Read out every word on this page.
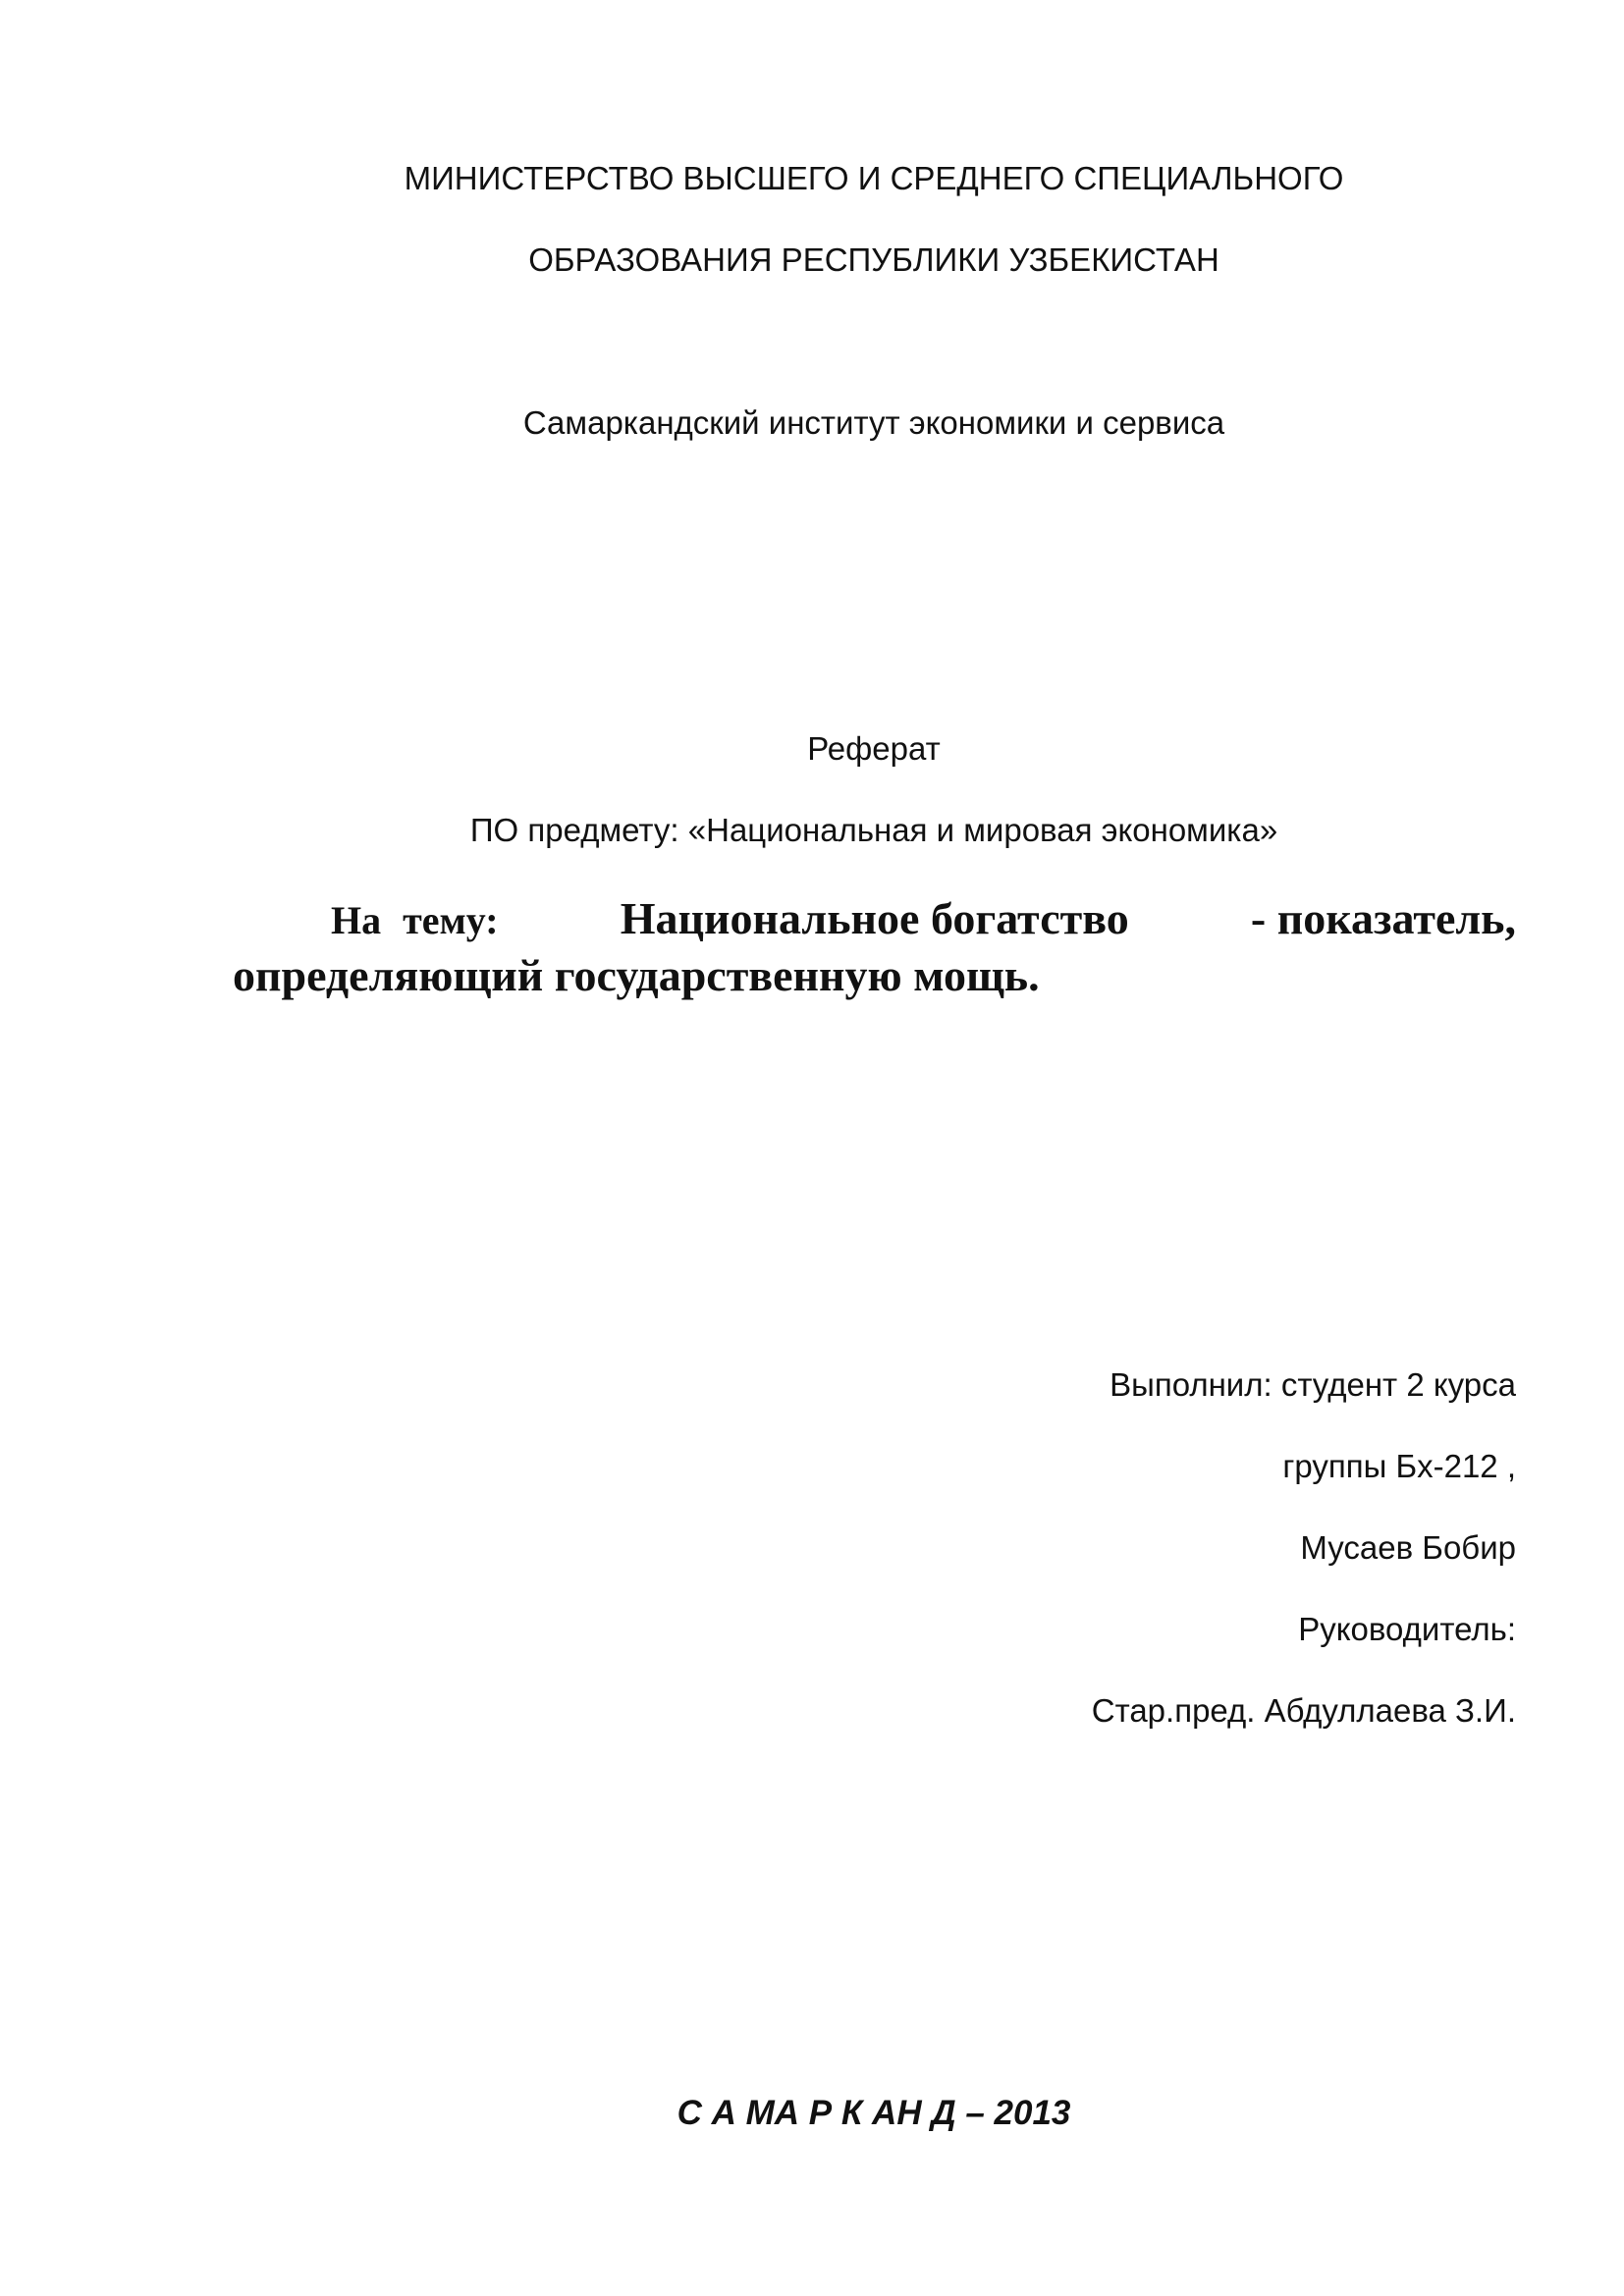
МИНИСТЕРСТВО ВЫСШЕГО И СРЕДНЕГО СПЕЦИАЛЬНОГО
ОБРАЗОВАНИЯ РЕСПУБЛИКИ УЗБЕКИСТАН
Самаркандский институт экономики и сервиса
Реферат
ПО предмету: «Национальная и мировая экономика»
На тему:	Национальное богатство	- показатель,
определяющий государственную мощь.
Выполнил: студент 2 курса
группы Бх-212 ,
Мусаев Бобир
Руководитель:
Стар.пред. Абдуллаева З.И.
С А МА Р К АН Д – 2013
